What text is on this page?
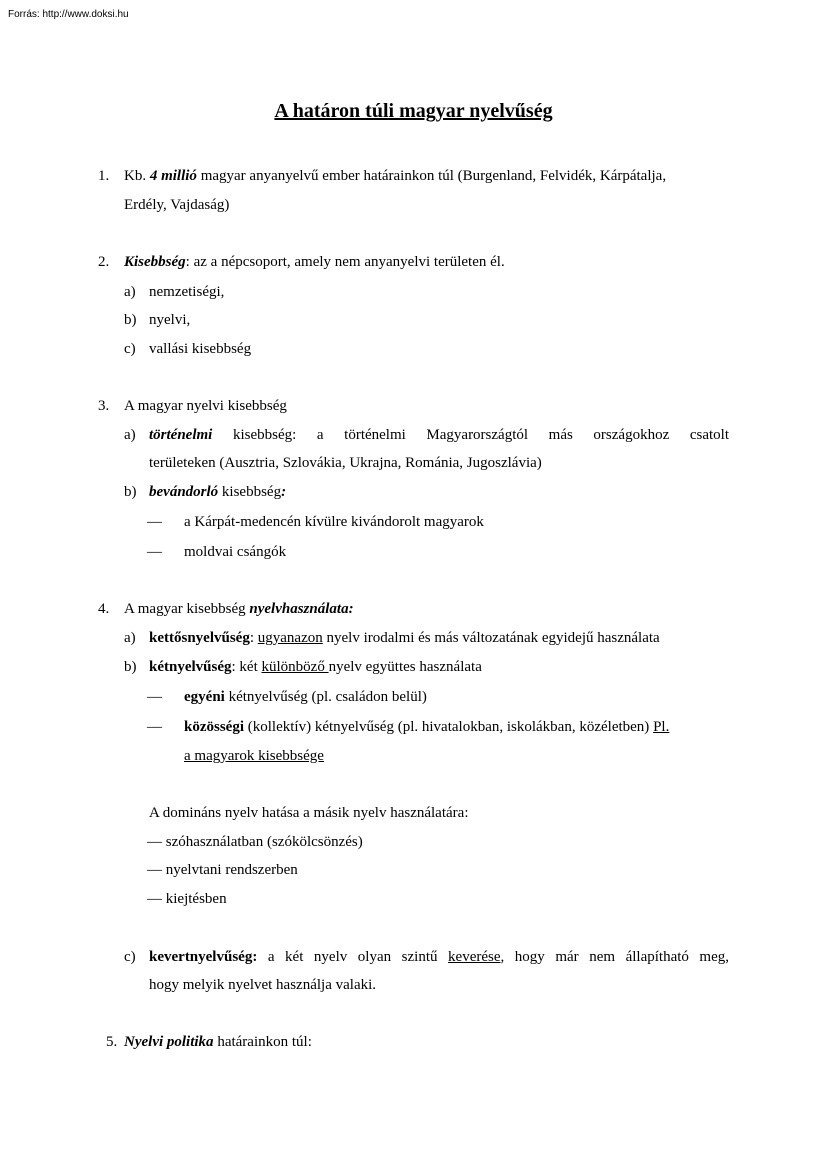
Forrás: http://www.doksi.hu
A határon túli magyar nyelvűség
1. Kb. 4 millió magyar anyanyelvű ember határainkon túl (Burgenland, Felvidék, Kárpátalja,
Erdély, Vajdaság)
2. Kisebbség: az a népcsoport, amely nem anyanyelvi területen él.
a) nemzetiségi,
b) nyelvi,
c) vallási kisebbség
3. A magyar nyelvi kisebbség
a) történelmi kisebbség: a történelmi Magyarországtól más országokhoz csatolt
területeken (Ausztria, Szlovákia, Ukrajna, Románia, Jugoszlávia)
b) bevándorló kisebbség:
— a Kárpát-medencén kívülre kivándorolt magyarok
— moldvai csángók
4. A magyar kisebbség nyelvhasználata:
a) kettősnyelvűség: ugyanazon nyelv irodalmi és más változatának egyidejű használata
b) kétnyelvűség: két különböző nyelv együttes használata
— egyéni kétnyelvűség (pl. családon belül)
— közösségi (kollektív) kétnyelvűség (pl. hivatalokban, iskolákban, közéletben) Pl.
a magyarok kisebbsége
A domináns nyelv hatása a másik nyelv használatára:
— szóhasználatban (szókölcsönzés)
— nyelvtani rendszerben
— kiejtésben
c) kevertnyelvűség: a két nyelv olyan szintű keverése, hogy már nem állapítható meg,
hogy melyik nyelvet használja valaki.
5. Nyelvi politika határainkon túl:
